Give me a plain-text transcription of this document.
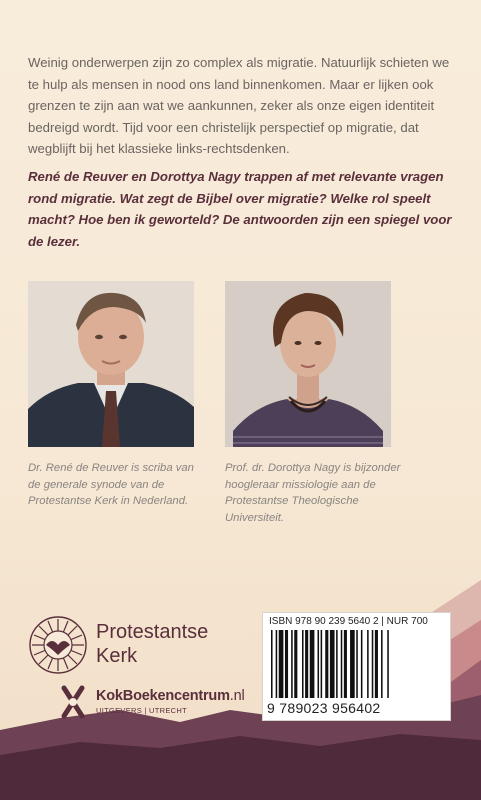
Weinig onderwerpen zijn zo complex als migratie. Natuurlijk schieten we te hulp als mensen in nood ons land binnenkomen. Maar er lijken ook grenzen te zijn aan wat we aankunnen, zeker als onze eigen identiteit bedreigd wordt. Tijd voor een christelijk perspectief op migratie, dat wegblijft bij het klassieke links-rechtsdenken.

René de Reuver en Dorottya Nagy trappen af met relevante vragen rond migratie. Wat zegt de Bijbel over migratie? Welke rol speelt macht? Hoe ben ik geworteld? De antwoorden zijn een spiegel voor de lezer.

Dr. René de Reuver is scriba van de generale synode van de Protestantse Kerk in Nederland.

Prof. dr. Dorottya Nagy is bijzonder hoogleraar missiologie aan de Protestantse Theologische Universiteit.

Protestantse
Kerk

KokBoekencentrum.nl
UITGEVERS | UTRECHT

ISBN 978 90 239 5640 2 | NUR 700

9 789023 956402
